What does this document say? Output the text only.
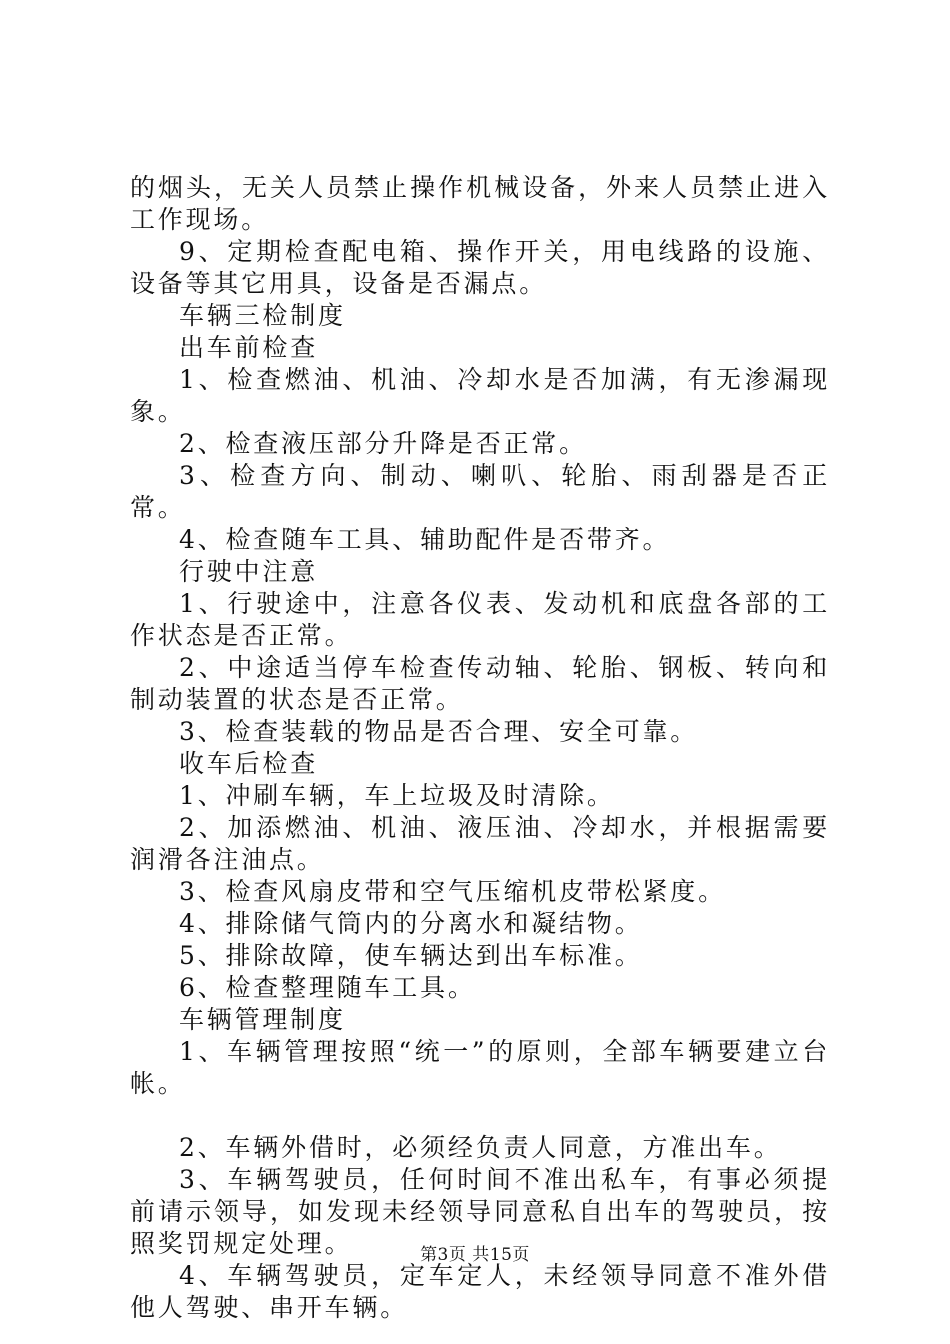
的烟头，无关人员禁止操作机械设备，外来人员禁止进入工作现场。

9、定期检查配电箱、操作开关，用电线路的设施、设备等其它用具，设备是否漏点。

车辆三检制度

出车前检查

1、检查燃油、机油、冷却水是否加满，有无渗漏现象。

2、检查液压部分升降是否正常。

3、检查方向、制动、喇叭、轮胎、雨刮器是否正常。

4、检查随车工具、辅助配件是否带齐。

行驶中注意

1、行驶途中，注意各仪表、发动机和底盘各部的工作状态是否正常。

2、中途适当停车检查传动轴、轮胎、钢板、转向和制动装置的状态是否正常。

3、检查装载的物品是否合理、安全可靠。

收车后检查

1、冲刷车辆，车上垃圾及时清除。

2、加添燃油、机油、液压油、冷却水，并根据需要润滑各注油点。

3、检查风扇皮带和空气压缩机皮带松紧度。

4、排除储气筒内的分离水和凝结物。

5、排除故障，使车辆达到出车标准。

6、检查整理随车工具。

车辆管理制度

1、车辆管理按照“统一”的原则，全部车辆要建立台帐。

2、车辆外借时，必须经负责人同意，方准出车。

3、车辆驾驶员，任何时间不准出私车，有事必须提前请示领导，如发现未经领导同意私自出车的驾驶员，按照奖罚规定处理。

4、车辆驾驶员，定车定人，未经领导同意不准外借他人驾驶、串开车辆。

第3页 共15页
